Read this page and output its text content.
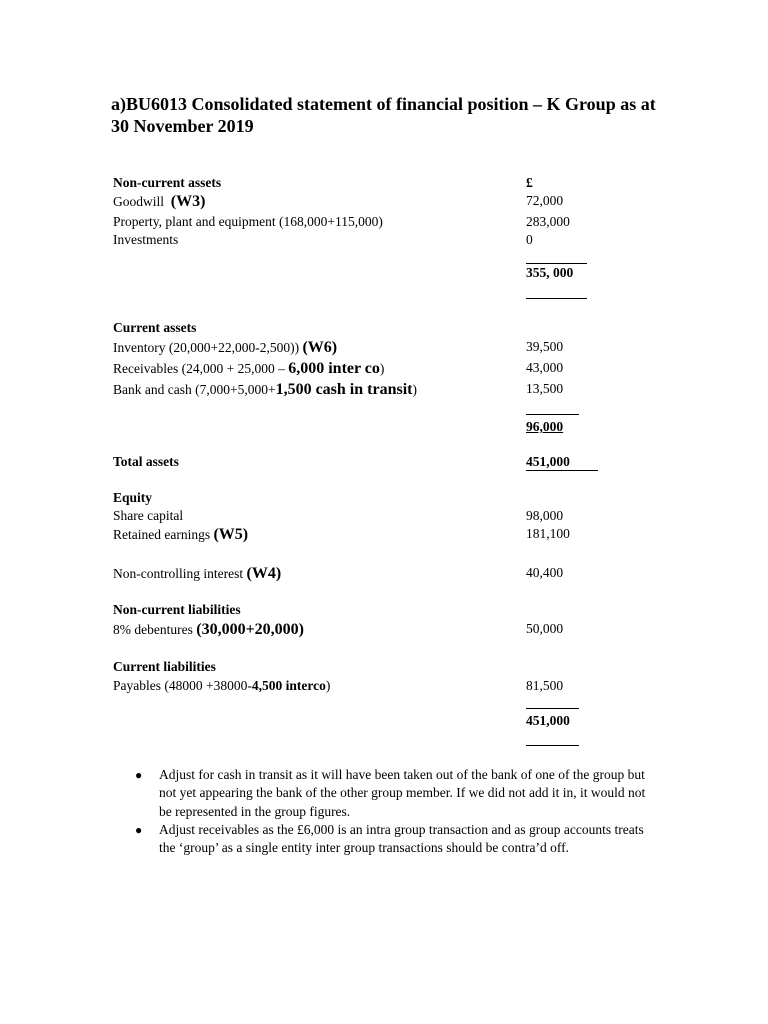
a)BU6013 Consolidated statement of financial position – K Group as at 30 November 2019
Non-current assets	£
Goodwill (W3)	72,000
Property, plant and equipment (168,000+115,000)	283,000
Investments	0
355, 000
Current assets
Inventory (20,000+22,000-2,500)) (W6)	39,500
Receivables (24,000 + 25,000 – 6,000 inter co)	43,000
Bank and cash (7,000+5,000+1,500 cash in transit)	13,500
96,000
Total assets	451,000
Equity
Share capital	98,000
Retained earnings (W5)	181,100
Non-controlling interest (W4)	40,400
Non-current liabilities
8% debentures (30,000+20,000)	50,000
Current liabilities
Payables (48000 +38000-4,500 interco)	81,500
451,000
● Adjust for cash in transit as it will have been taken out of the bank of one of the group but not yet appearing the bank of the other group member. If we did not add it in, it would not be represented in the group figures.
● Adjust receivables as the £6,000 is an intra group transaction and as group accounts treats the ‘group’ as a single entity inter group transactions should be contra’d off.
